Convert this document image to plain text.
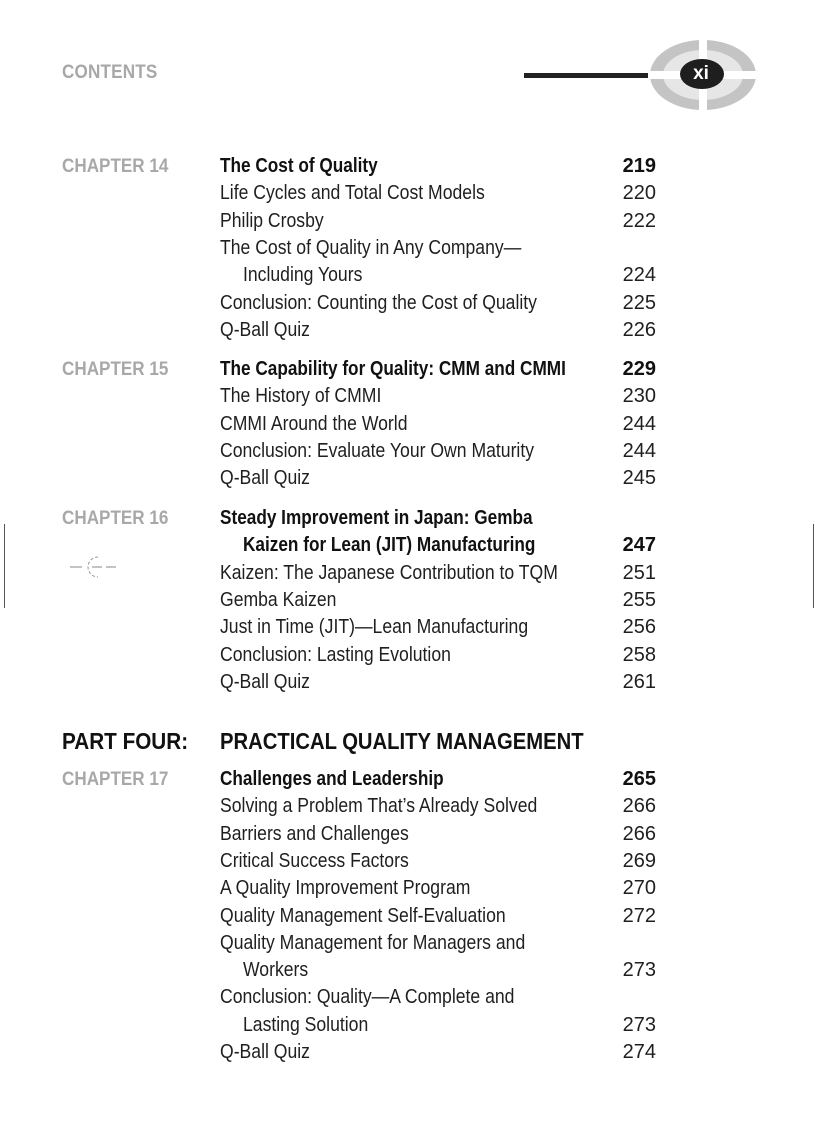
CONTENTS	xi
PART FOUR: PRACTICAL QUALITY MANAGEMENT
CHAPTER 14	The Cost of Quality	219
Life Cycles and Total Cost Models	220
Philip Crosby	222
The Cost of Quality in Any Company—
Including Yours	224
Conclusion: Counting the Cost of Quality	225
Q-Ball Quiz	226
CHAPTER 15	The Capability for Quality: CMM and CMMI	229
The History of CMMI	230
CMMI Around the World	244
Conclusion: Evaluate Your Own Maturity	244
Q-Ball Quiz	245
CHAPTER 16	Steady Improvement in Japan: Gemba
Kaizen for Lean (JIT) Manufacturing	247
Kaizen: The Japanese Contribution to TQM	251
Gemba Kaizen	255
Just in Time (JIT)—Lean Manufacturing	256
Conclusion: Lasting Evolution	258
Q-Ball Quiz	261
CHAPTER 17	Challenges and Leadership	265
Solving a Problem That’s Already Solved	266
Barriers and Challenges	266
Critical Success Factors	269
A Quality Improvement Program	270
Quality Management Self-Evaluation	272
Quality Management for Managers and
Workers	273
Conclusion: Quality—A Complete and
Lasting Solution	273
Q-Ball Quiz	274
